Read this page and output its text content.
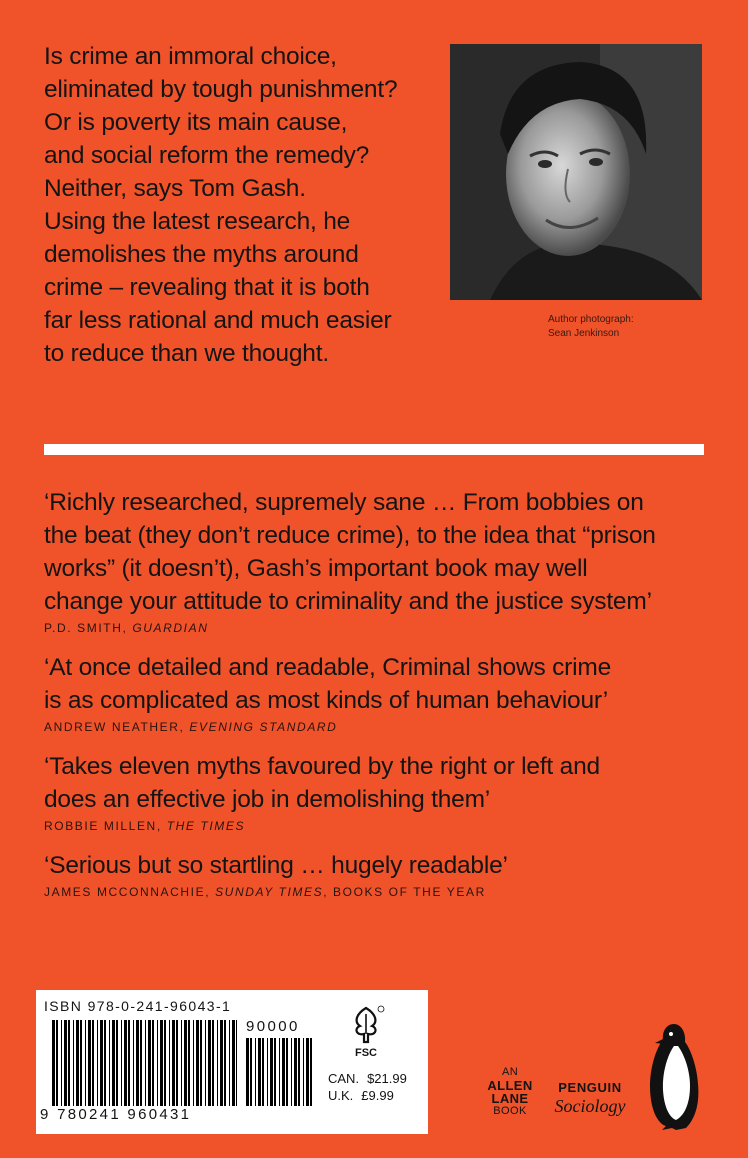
Is crime an immoral choice,
eliminated by tough punishment?
Or is poverty its main cause,
and social reform the remedy?
Neither, says Tom Gash.
Using the latest research, he
demolishes the myths around
crime – revealing that it is both
far less rational and much easier
to reduce than we thought.
Author photograph:
Sean Jenkinson
‘Richly researched, supremely sane … From bobbies on
the beat (they don’t reduce crime), to the idea that “prison
works” (it doesn’t), Gash’s important book may well
change your attitude to criminality and the justice system’
P.D. SMITH, GUARDIAN
‘At once detailed and readable, Criminal shows crime
is as complicated as most kinds of human behaviour’
ANDREW NEATHER, EVENING STANDARD
‘Takes eleven myths favoured by the right or left and
does an effective job in demolishing them’
ROBBIE MILLEN, THE TIMES
‘Serious but so startling … hugely readable’
JAMES MCCONNACHIE, SUNDAY TIMES, BOOKS OF THE YEAR
ISBN 978-0-241-96043-1
90000
9 780241 960431
FSC
CAN. $21.99
U.K. £9.99
AN
ALLEN
LANE
BOOK
PENGUIN
Sociology
